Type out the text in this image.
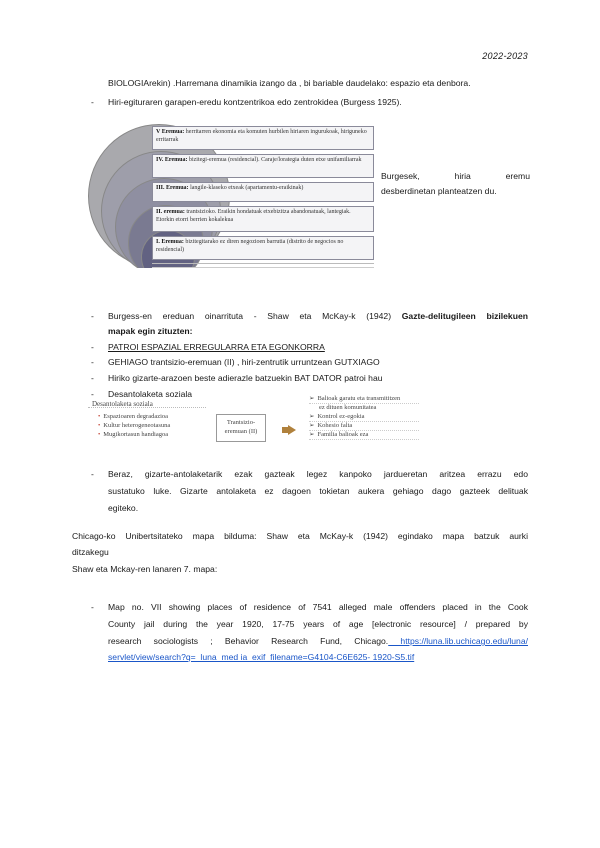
2022-2023
BIOLOGIArekin) .Harremana dinamikia izango da , bi bariable daudelako: espazio eta denbora.
-	Hiri-egituraren garapen-eredu kontzentrikoa edo zentrokidea (Burgess 1925).
V Eremua: herritarren ekonomia eta komuten hurbilen hiriaren ingurukoak, hiriguneko erritarrak
IV. Eremua: bizitegi-eremua (residencial). Caraje/lorategia duten etxe unifamiliarrak
III. Eremua: langile-klaseko etxeak (apartamentu-eraikinak)
II. eremua: trantsizioko. Eraikin hondatuak etxebizitza abandonatuak, lantegiak. Etorkin etorri berrien kokalekua
I. Eremua: bizitegitarako ez diren negozioen barrutia (distrito de negocios no residencial)
Burgesek, hiria eremu
desberdinetan planteatzen du.
-	Burgess-en ereduan oinarrituta - Shaw eta McKay-k (1942) Gazte-delitugileen bizilekuen
mapak egin zituzten:
-	PATROI ESPAZIAL ERREGULARRA ETA EGONKORRA
-	GEHIAGO trantsizio-eremuan (II) , hiri-zentrutik urruntzean GUTXIAGO
-	Hiriko gizarte-arazoen beste adierazle batzuekin BAT DATOR patroi hau
-	Desantolaketa soziala
Desantolaketa soziala
• Espazioaren degradazioa
• Kultur heterogeneotasuna
• Mugikortasun handiagoa
Trantsizio-
eremuan (II)
➢ Balioak garatu eta transmititzen
ez dituen komunitatea
➢ Kontrol ez-egokia
➢ Kohesio falta
➢ Familia balioak eza
-	Beraz, gizarte-antolaketarik ezak gazteak legez kanpoko jardueretan aritzea errazu edo
sustatuko luke. Gizarte antolaketa ez dagoen tokietan aukera gehiago dago gazteek delituak
egiteko.
Chicago-ko Unibertsitateko mapa bilduma: Shaw eta McKay-k (1942) egindako mapa batzuk aurki
ditzakegu
Shaw eta Mckay-ren lanaren 7. mapa:
-	Map no. VII showing places of residence of 7541 alleged male offenders placed in the Cook
County jail during the year 1920, 17-75 years of age [electronic resource] / prepared by
research sociologists ; Behavior Research Fund, Chicago. https://luna.lib.uchicago.edu/luna/
servlet/view/search?q=_luna_med ia_exif_filename=G4104-C6E625- 1920-S5.tif
